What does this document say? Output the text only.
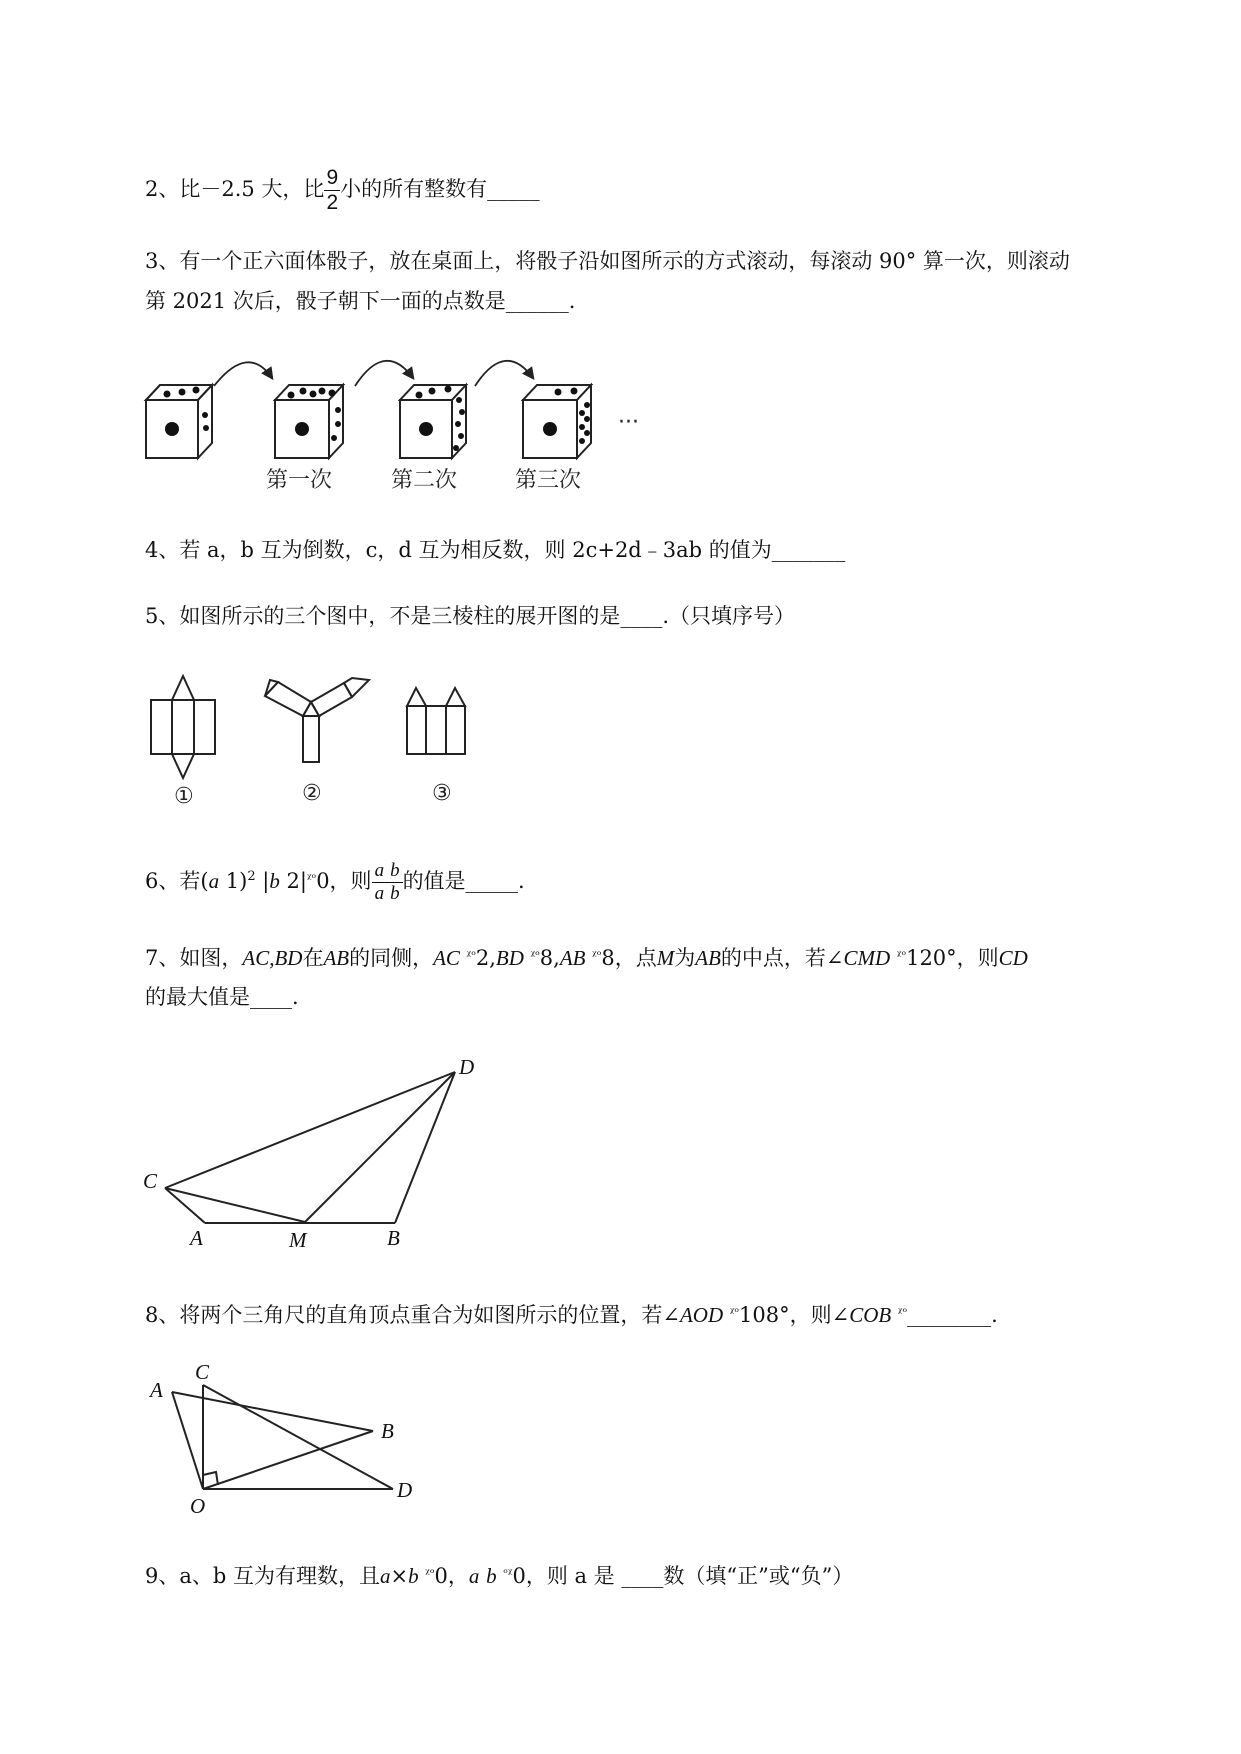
2、比－2.5 大，比 $\frac{9}{2}$ 小的所有整数有_____
3、有一个正六面体骰子，放在桌面上，将骰子沿如图所示的方式滚动，每滚动 90° 算一次，则滚动
第 2021 次后，骰子朝下一面的点数是______.
···
第一次	第二次	第三次
①	②	③
C
A	M	B
D
A
C
B
O
D
4、若 a，b 互为倒数，c，d 互为相反数，则 2c+2d﹣3ab 的值为_______
5、如图所示的三个图中，不是三棱柱的展开图的是____.（只填序号）
6、若(a 1)$^2$ |b $2|^{ᵡᵒ}0$，则 $\frac{a}{a} \frac{b}{b}$ 的值是_____.
7、如图，AC,BD在AB的同侧，AC $^{ᵡᵒ}$2,BD $^{ᵡᵒ}$8,AB $^{ᵡᵒ}$8，点M为AB的中点，若∠CMD $^{ᵡᵒ}$120°，则CD
的最大值是____.
8、将两个三角尺的直角顶点重合为如图所示的位置，若∠AOD $^{ᵡᵒ}$108°，则∠COB $^{ᵡᵒ}$________.
9、a、b 互为有理数，且a×b $^{ᵡᵒ}$0，a b $^{ᵒᵡ}$0，则 a 是 ____数（填“正”或“负”）
